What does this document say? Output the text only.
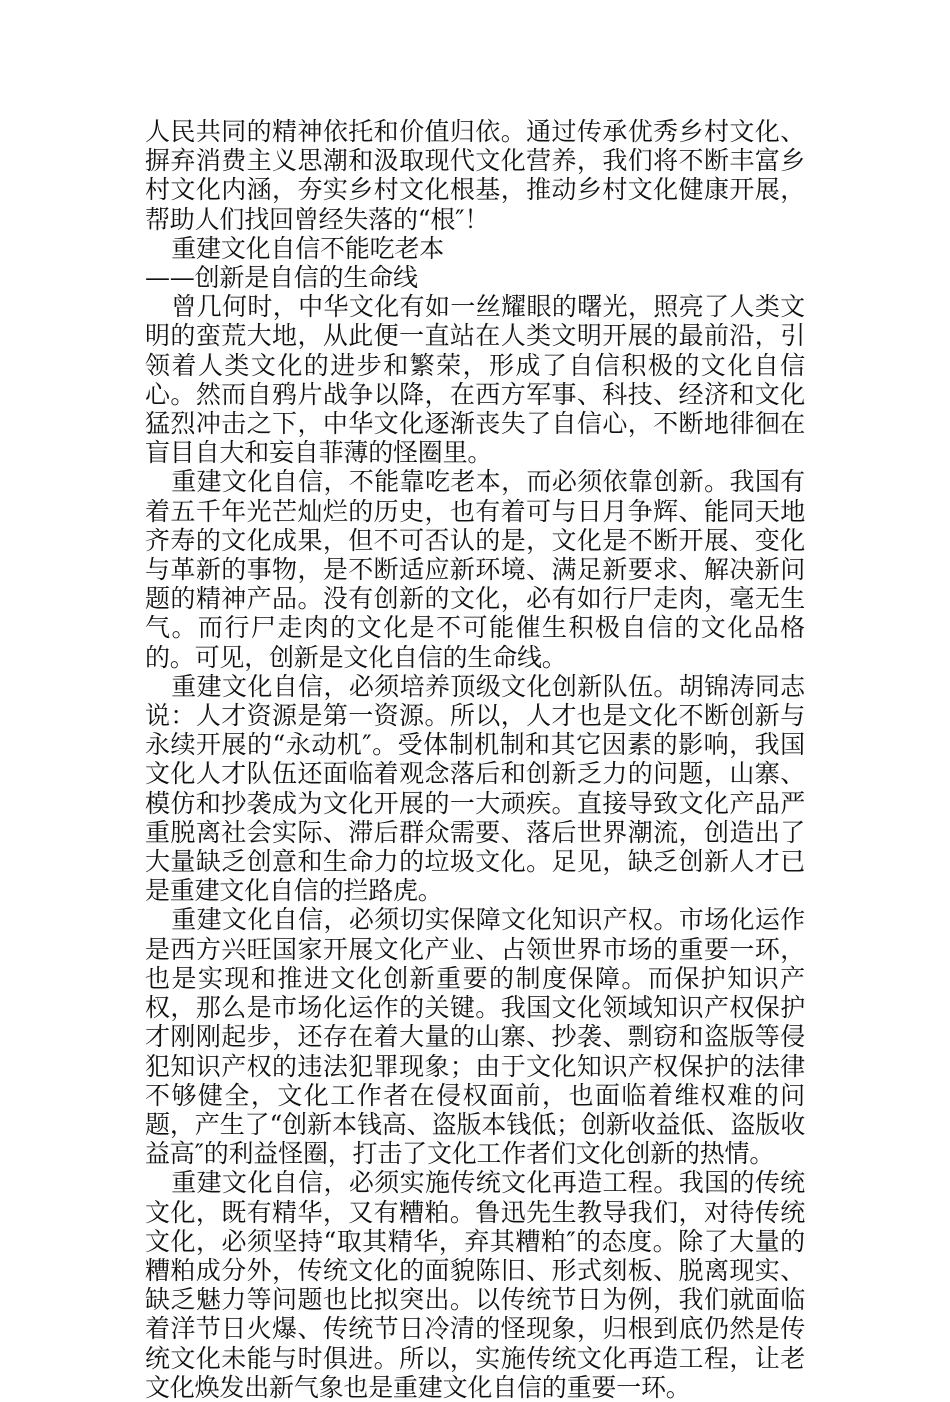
人民共同的精神依托和价值归依。通过传承优秀乡村文化、摒弃消费主义思潮和汲取现代文化营养，我们将不断丰富乡村文化内涵，夯实乡村文化根基，推动乡村文化健康开展，帮助人们找回曾经失落的“根″！

重建文化自信不能吃老本

——创新是自信的生命线

曾几何时，中华文化有如一丝耀眼的曙光，照亮了人类文明的蛮荒大地，从此便一直站在人类文明开展的最前沿，引领着人类文化的进步和繁荣，形成了自信积极的文化自信心。然而自鸦片战争以降，在西方军事、科技、经济和文化猛烈冲击之下，中华文化逐渐丧失了自信心，不断地徘徊在盲目自大和妄自菲薄的怪圈里。

重建文化自信，不能靠吃老本，而必须依靠创新。我国有着五千年光芒灿烂的历史，也有着可与日月争辉、能同天地齐寿的文化成果，但不可否认的是，文化是不断开展、变化与革新的事物，是不断适应新环境、满足新要求、解决新问题的精神产品。没有创新的文化，必有如行尸走肉，毫无生气。而行尸走肉的文化是不可能催生积极自信的文化品格的。可见，创新是文化自信的生命线。

重建文化自信，必须培养顶级文化创新队伍。胡锦涛同志说：人才资源是第一资源。所以，人才也是文化不断创新与永续开展的“永动机″。受体制机制和其它因素的影响，我国文化人才队伍还面临着观念落后和创新乏力的问题，山寨、模仿和抄袭成为文化开展的一大顽疾。直接导致文化产品严重脱离社会实际、滞后群众需要、落后世界潮流，创造出了大量缺乏创意和生命力的垃圾文化。足见，缺乏创新人才已是重建文化自信的拦路虎。

重建文化自信，必须切实保障文化知识产权。市场化运作是西方兴旺国家开展文化产业、占领世界市场的重要一环，也是实现和推进文化创新重要的制度保障。而保护知识产权，那么是市场化运作的关键。我国文化领域知识产权保护才刚刚起步，还存在着大量的山寨、抄袭、剽窃和盗版等侵犯知识产权的违法犯罪现象；由于文化知识产权保护的法律不够健全，文化工作者在侵权面前，也面临着维权难的问题，产生了“创新本钱高、盗版本钱低；创新收益低、盗版收益高″的利益怪圈，打击了文化工作者们文化创新的热情。

重建文化自信，必须实施传统文化再造工程。我国的传统文化，既有精华，又有糟粕。鲁迅先生教导我们，对待传统文化，必须坚持“取其精华，弃其糟粕″的态度。除了大量的糟粕成分外，传统文化的面貌陈旧、形式刻板、脱离现实、缺乏魅力等问题也比拟突出。以传统节日为例，我们就面临着洋节日火爆、传统节日冷清的怪现象，归根到底仍然是传统文化未能与时俱进。所以，实施传统文化再造工程，让老文化焕发出新气象也是重建文化自信的重要一环。
